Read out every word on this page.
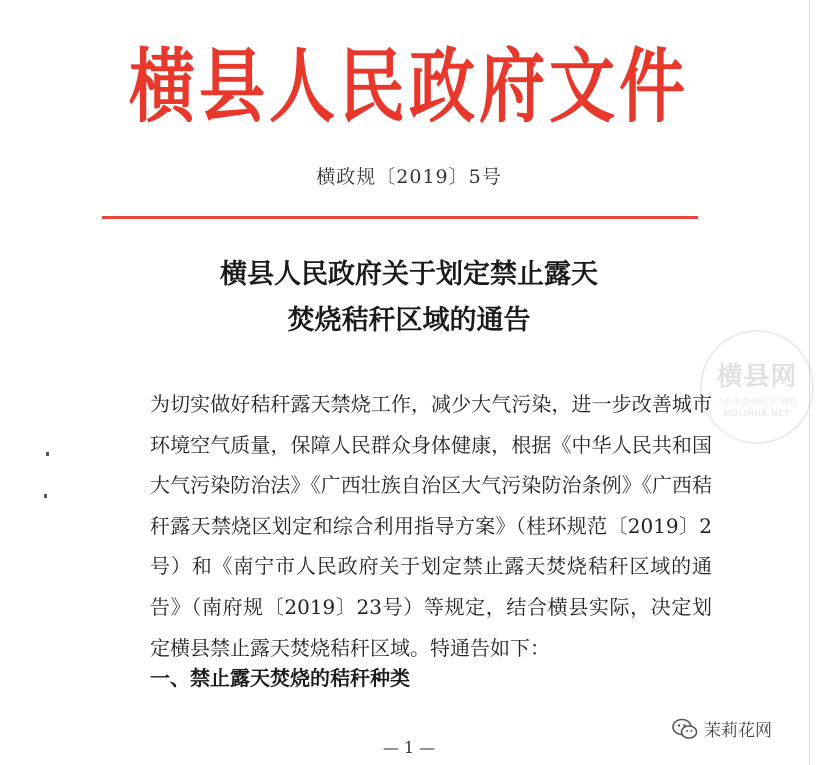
横县人民政府文件
横政规〔2019〕5号
横县人民政府关于划定禁止露天
焚烧秸秆区域的通告
横县网
人民生活资讯门户网站
MOLIHUA.NET
为切实做好秸秆露天禁烧工作，减少大气污染，进一步改善城市环境空气质量，保障人民群众身体健康，根据《中华人民共和国大气污染防治法》《广西壮族自治区大气污染防治条例》《广西秸秆露天禁烧区划定和综合利用指导方案》（桂环规范〔2019〕2号）和《南宁市人民政府关于划定禁止露天焚烧秸秆区域的通告》（南府规〔2019〕23号）等规定，结合横县实际，决定划定横县禁止露天焚烧秸秆区域。特通告如下：
一、禁止露天焚烧的秸秆种类
茉莉花网
— 1 —
